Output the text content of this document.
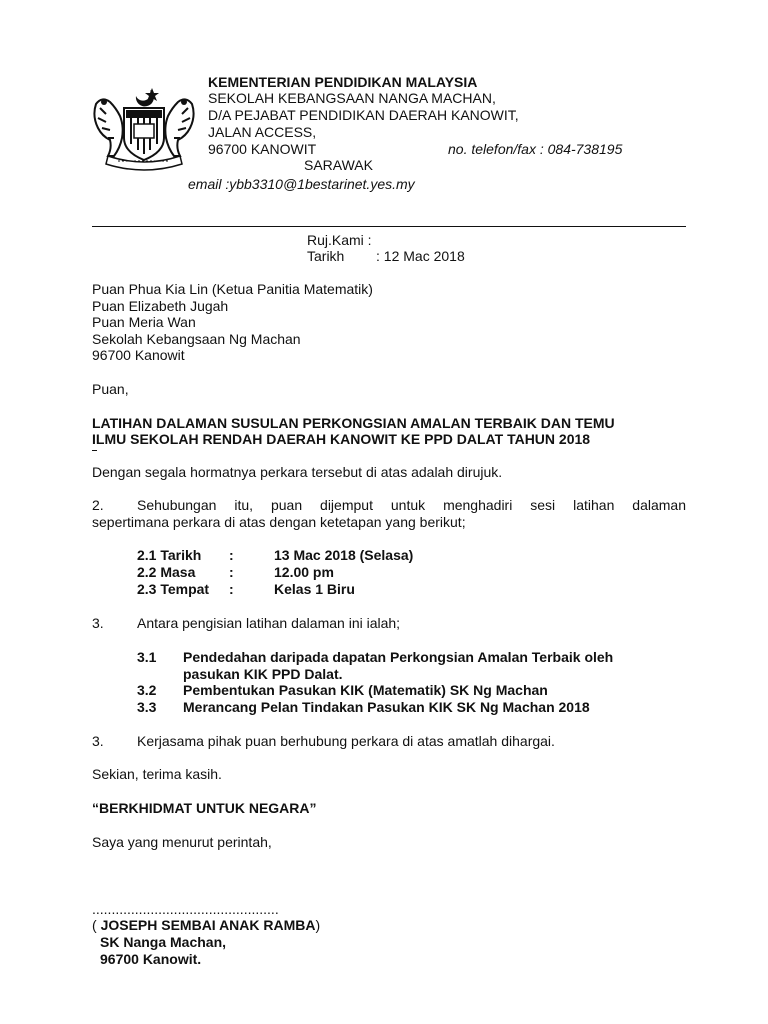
KEMENTERIAN PENDIDIKAN MALAYSIA
SEKOLAH KEBANGSAAN NANGA MACHAN,
D/A PEJABAT PENDIDIKAN DAERAH KANOWIT,
JALAN ACCESS,
96700 KANOWIT	no. telefon/fax : 084-738195
SARAWAK
email :ybb3310@1bestarinet.yes.my
Ruj.Kami :
Tarikh : 12 Mac 2018
Puan Phua Kia Lin (Ketua Panitia Matematik)
Puan Elizabeth Jugah
Puan Meria Wan
Sekolah Kebangsaan Ng Machan
96700 Kanowit
Puan,
LATIHAN DALAMAN SUSULAN PERKONGSIAN AMALAN TERBAIK DAN TEMU
ILMU SEKOLAH RENDAH DAERAH KANOWIT KE PPD DALAT TAHUN 2018
Dengan segala hormatnya perkara tersebut di atas adalah dirujuk.
2. Sehubungan itu, puan dijemput untuk menghadiri sesi latihan dalaman
sepertimana perkara di atas dengan ketetapan yang berikut;
2.1 Tarikh :	13 Mac 2018 (Selasa)
2.2 Masa :	12.00 pm
2.3 Tempat :	Kelas 1 Biru
3. Antara pengisian latihan dalaman ini ialah;
3.1 Pendedahan daripada dapatan Perkongsian Amalan Terbaik oleh
pasukan KIK PPD Dalat.
3.2 Pembentukan Pasukan KIK (Matematik) SK Ng Machan
3.3 Merancang Pelan Tindakan Pasukan KIK SK Ng Machan 2018
3. Kerjasama pihak puan berhubung perkara di atas amatlah dihargai.
Sekian, terima kasih.
“BERKHIDMAT UNTUK NEGARA”
Saya yang menurut perintah,
................................................
( JOSEPH SEMBAI ANAK RAMBA)
SK Nanga Machan,
96700 Kanowit.
